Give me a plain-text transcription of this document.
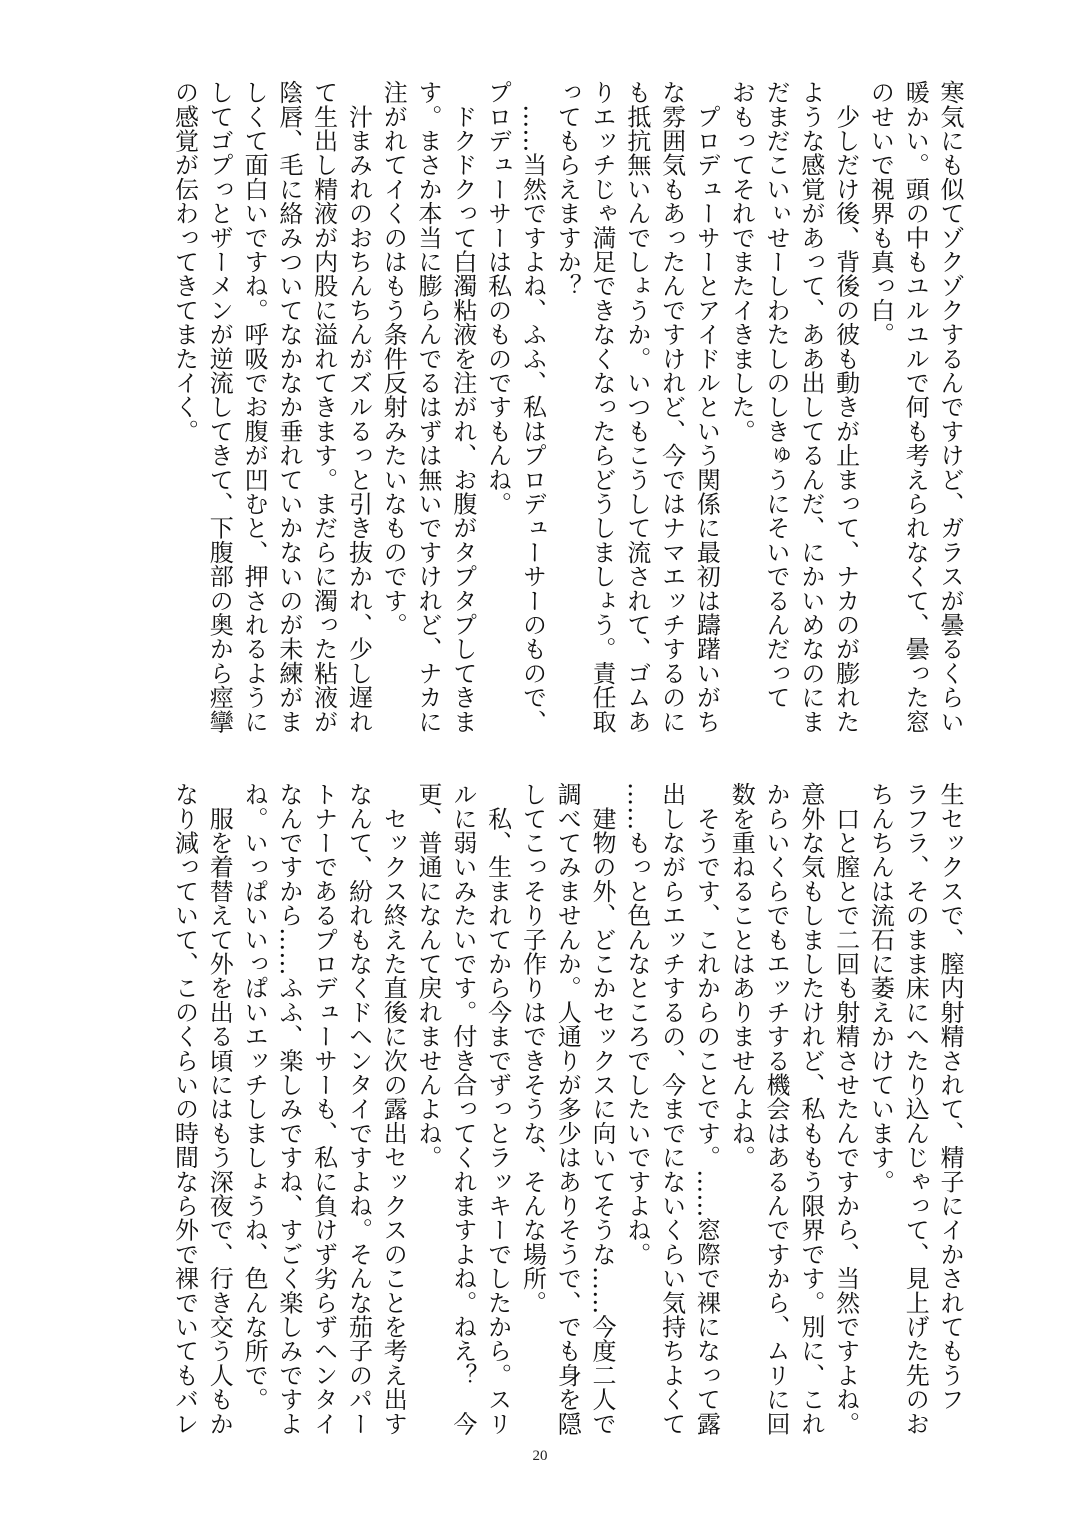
寒気にも似てゾクゾクするんですけど、ガラスが曇るくらい
暖かい。頭の中もユルユルで何も考えられなくて、曇った窓
のせいで視界も真っ白。
　少しだけ後、背後の彼も動きが止まって、ナカのが膨れた
ような感覚があって、ああ出してるんだ、にかいめなのにま
だまだこいぃせーしわたしのしきゅうにそいでるんだって
おもってそれでまたイきました。
　プロデューサーとアイドルという関係に最初は躊躇いがち
な雰囲気もあったんですけれど、今ではナマエッチするのに
も抵抗無いんでしょうか。いつもこうして流されて、ゴムあ
りエッチじゃ満足できなくなったらどうしましょう。責任取
ってもらえますか？
　……当然ですよね、ふふ、私はプロデューサーのもので、
プロデューサーは私のものですもんね。
　ドクドクって白濁粘液を注がれ、お腹がタプタプしてきま
す。まさか本当に膨らんでるはずは無いですけれど、ナカに
注がれてイくのはもう条件反射みたいなものです。
　汁まみれのおちんちんがズルるっと引き抜かれ、少し遅れ
て生出し精液が内股に溢れてきます。まだらに濁った粘液が
陰唇、毛に絡みついてなかなか垂れていかないのが未練がま
しくて面白いですね。呼吸でお腹が凹むと、押されるように
してゴプっとザーメンが逆流してきて、下腹部の奥から痙攣
の感覚が伝わってきてまたイく。
生セックスで、膣内射精されて、精子にイかされてもうフ
ラフラ、そのまま床にへたり込んじゃって、見上げた先のお
ちんちんは流石に萎えかけています。
　口と膣とで二回も射精させたんですから、当然ですよね。
意外な気もしましたけれど、私ももう限界です。別に、これ
からいくらでもエッチする機会はあるんですから、ムリに回
数を重ねることはありませんよね。
　そうです、これからのことです。……窓際で裸になって露
出しながらエッチするの、今までにないくらい気持ちよくて
……もっと色んなところでしたいですよね。
　建物の外、どこかセックスに向いてそうな……今度二人で
調べてみませんか。人通りが多少はありそうで、でも身を隠
してこっそり子作りはできそうな、そんな場所。
　私、生まれてから今までずっとラッキーでしたから。スリ
ルに弱いみたいです。付き合ってくれますよね。ねえ？　今
更、普通になんて戻れませんよね。
　セックス終えた直後に次の露出セックスのことを考え出す
なんて、紛れもなくドヘンタイですよね。そんな茄子のパー
トナーであるプロデューサーも、私に負けず劣らずヘンタイ
なんですから……ふふ、楽しみですね、すごく楽しみですよ
ね。いっぱいいっぱいエッチしましょうね、色んな所で。
　服を着替えて外を出る頃にはもう深夜で、行き交う人もか
なり減っていて、このくらいの時間なら外で裸でいてもバレ
20
